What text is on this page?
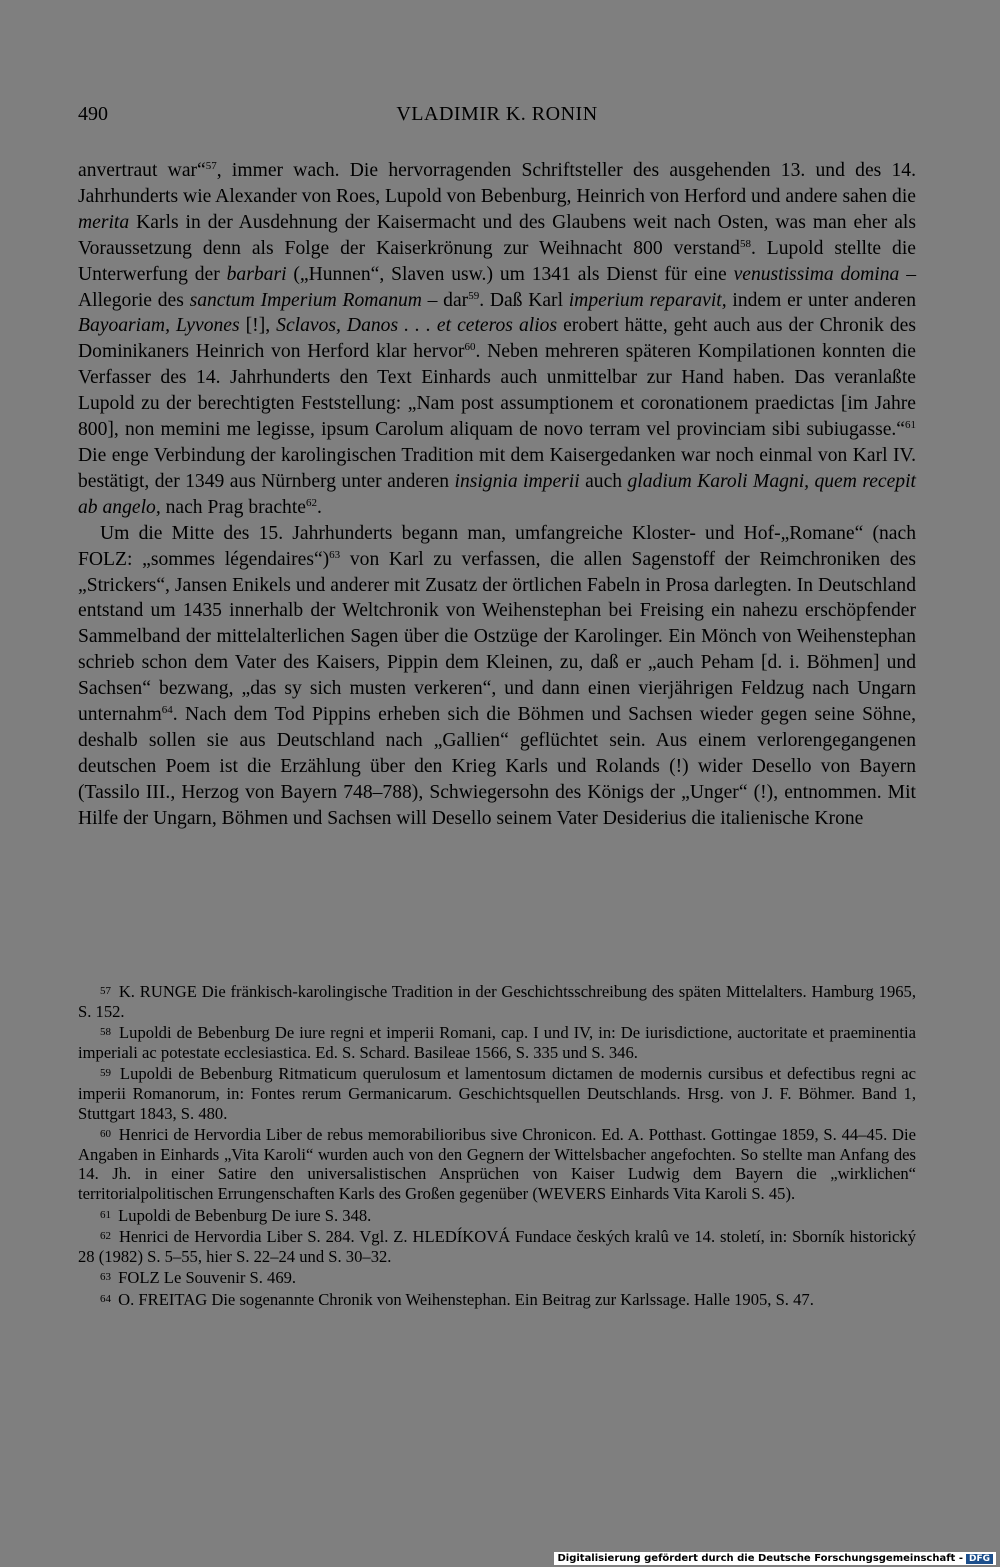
490	VLADIMIR K. RONIN

anvertraut war“$^{57}$, immer wach. Die hervorragenden Schriftsteller des ausgehenden 13. und des 14. Jahrhunderts wie Alexander von Roes, Lupold von Bebenburg, Heinrich von Herford und andere sahen die merita Karls in der Ausdehnung der Kaisermacht und des Glaubens weit nach Osten, was man eher als Voraussetzung denn als Folge der Kaiserkrönung zur Weihnacht 800 verstand$^{58}$. Lupold stellte die Unterwerfung der barbari („Hunnen“, Slaven usw.) um 1341 als Dienst für eine venustissima domina – Allegorie des sanctum Imperium Romanum – dar$^{59}$. Daß Karl imperium reparavit, indem er unter anderen Bayoariam, Lyvones [!], Sclavos, Danos . . . et ceteros alios erobert hätte, geht auch aus der Chronik des Dominikaners Heinrich von Herford klar hervor$^{60}$. Neben mehreren späteren Kompilationen konnten die Verfasser des 14. Jahrhunderts den Text Einhards auch unmittelbar zur Hand haben. Das veranlaßte Lupold zu der berechtigten Feststellung: „Nam post assumptionem et coronationem praedictas [im Jahre 800], non memini me legisse, ipsum Carolum aliquam de novo terram vel provinciam sibi subiugasse.“$^{61}$ Die enge Verbindung der karolingischen Tradition mit dem Kaisergedanken war noch einmal von Karl IV. bestätigt, der 1349 aus Nürnberg unter anderen insignia imperii auch gladium Karoli Magni, quem recepit ab angelo, nach Prag brachte$^{62}$.

Um die Mitte des 15. Jahrhunderts begann man, umfangreiche Kloster- und Hof-„Romane“ (nach FOLZ: „sommes légendaires“)$^{63}$ von Karl zu verfassen, die allen Sagenstoff der Reimchroniken des „Strickers“, Jansen Enikels und anderer mit Zusatz der örtlichen Fabeln in Prosa darlegten. In Deutschland entstand um 1435 innerhalb der Weltchronik von Weihenstephan bei Freising ein nahezu erschöpfender Sammelband der mittelalterlichen Sagen über die Ostzüge der Karolinger. Ein Mönch von Weihenstephan schrieb schon dem Vater des Kaisers, Pippin dem Kleinen, zu, daß er „auch Peham [d. i. Böhmen] und Sachsen“ bezwang, „das sy sich musten verkeren“, und dann einen vierjährigen Feldzug nach Ungarn unternahm$^{64}$. Nach dem Tod Pippins erheben sich die Böhmen und Sachsen wieder gegen seine Söhne, deshalb sollen sie aus Deutschland nach „Gallien“ geflüchtet sein. Aus einem verlorengegangenen deutschen Poem ist die Erzählung über den Krieg Karls und Rolands (!) wider Desello von Bayern (Tassilo III., Herzog von Bayern 748–788), Schwiegersohn des Königs der „Unger“ (!), entnommen. Mit Hilfe der Ungarn, Böhmen und Sachsen will Desello seinem Vater Desiderius die italienische Krone

57 K. RUNGE Die fränkisch-karolingische Tradition in der Geschichtsschreibung des späten Mittelalters. Hamburg 1965, S. 152.

58 Lupoldi de Bebenburg De iure regni et imperii Romani, cap. I und IV, in: De iurisdictione, auctoritate et praeminentia imperiali ac potestate ecclesiastica. Ed. S. Schard. Basileae 1566, S. 335 und S. 346.

59 Lupoldi de Bebenburg Ritmaticum querulosum et lamentosum dictamen de modernis cursibus et defectibus regni ac imperii Romanorum, in: Fontes rerum Germanicarum. Geschichtsquellen Deutschlands. Hrsg. von J. F. Böhmer. Band 1, Stuttgart 1843, S. 480.

60 Henrici de Hervordia Liber de rebus memorabilioribus sive Chronicon. Ed. A. Potthast. Gottingae 1859, S. 44–45. Die Angaben in Einhards „Vita Karoli“ wurden auch von den Gegnern der Wittelsbacher angefochten. So stellte man Anfang des 14. Jh. in einer Satire den universalistischen Ansprüchen von Kaiser Ludwig dem Bayern die „wirklichen“ territorialpolitischen Errungenschaften Karls des Großen gegenüber (WEVERS Einhards Vita Karoli S. 45).

61 Lupoldi de Bebenburg De iure S. 348.

62 Henrici de Hervordia Liber S. 284. Vgl. Z. HLEDÍKOVÁ Fundace českých kralû ve 14. století, in: Sborník historický 28 (1982) S. 5–55, hier S. 22–24 und S. 30–32.

63 FOLZ Le Souvenir S. 469.

64 O. FREITAG Die sogenannte Chronik von Weihenstephan. Ein Beitrag zur Karlssage. Halle 1905, S. 47.

Digitalisierung gefördert durch die Deutsche Forschungsgemeinschaft - DFG
